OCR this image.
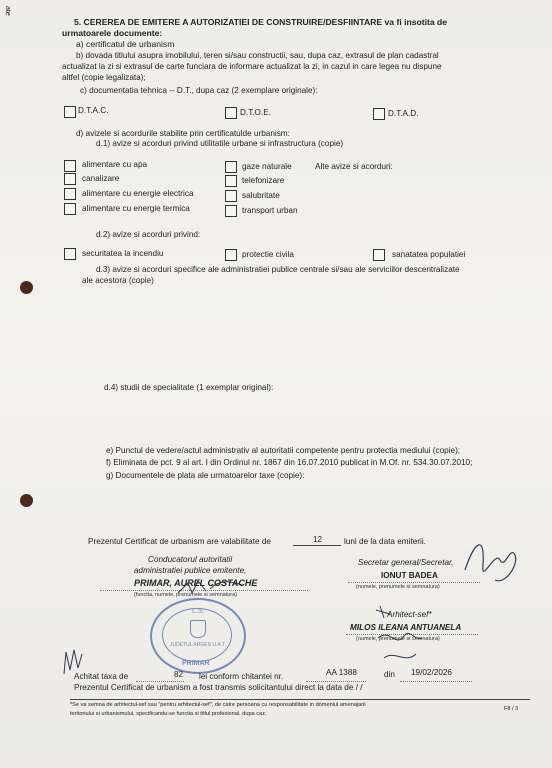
ate
5. CEREREA DE EMITERE A AUTORIZATIEI DE CONSTRUIRE/DESFIINTARE va fi insotita de
urmatoarele documente:
a) certificatul de urbanism
b) dovada titlului asupra imobilului, teren si/sau constructii, sau, dupa caz, extrasul de plan cadastral
actualizat la zi si extrasul de carte funciara de informare actualizat la zi, in cazul in care legea nu dispune
altfel (copie legalizata);
c) documentatia tehnica -- D.T., dupa caz (2 exemplare originale):
D.T.A.C.	D.T.O.E.	D.T.A.D.
d) avizele si acordurile stabilite prin certificatulde urbanism:
d.1) avize si acorduri privind utilitatile urbane si infrastructura (copie)
alimentare cu apa
canalizare
alimentare cu energie electrica
alimentare cu energie termica
gaze naturale
telefonizare
salubritate
transport urban
Alte avize si acorduri:
d.2) avize si acorduri privind:
securitatea la incendiu	protectie civila	sanatatea populatiei
d.3) avize si acorduri specifice ale administratiei publice centrale si/sau ale serviciilor descentralizate
ale acestora (copie)
d.4) studii de specialitate (1 exemplar original):
e) Punctul de vedere/actul administrativ al autoritatii competente pentru protectia mediului (copie);
f) Eliminata de pct. 9 al art. I din Ordinul nr. 1867 din 16.07.2010 publicat in M.Of. nr. 534.30.07.2010;
g) Documentele de plata ale urmatoarelor taxe (copie):
Prezentul Certificat de urbanism are valabilitate de	12	luni de la data emiterii.
Conducatorul autoritatii
administratiei publice emitente,
PRIMAR, AUREL COSTACHE
(functia, numele, prenumele si semnatura)
Secretar general/Secretar,
IONUT BADEA
(numele, prenumele si semnatura)
Arhitect-sef*
MILOS ILEANA ANTUANELA
(numele, prenumele si semnatura)
L.S.
JUDETUL ARGES U.A.T.
PRIMAR
Achitat taxa de	82 lei conform chitantei nr.	AA 1388	din 19/02/2026
Prezentul Certificat de urbanism a fost transmis solicitantului direct la data de / /
*Se va semna de arhitectul-sef sau "pentru arhitectul-sef", de catre persoana cu responsabilitate in domeniul amenajarii
teritoriului si urbanismului, specificandu-se functia si titlul profesional, dupa caz.
F8 / 3
